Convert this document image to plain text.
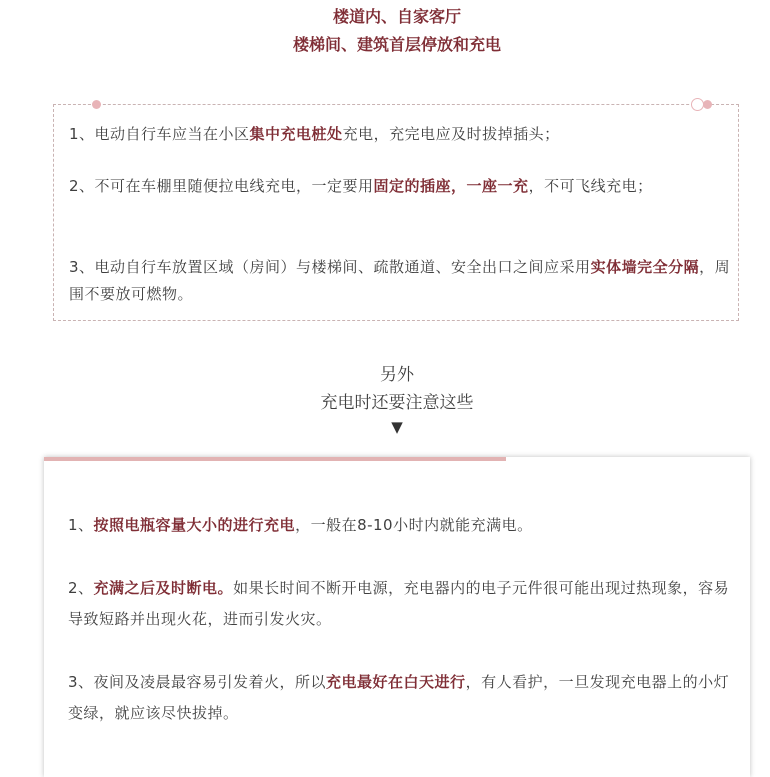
楼道内、自家客厅
楼梯间、建筑首层停放和充电

1、电动自行车应当在小区集中充电桩处充电，充完电应及时拔掉插头；

2、不可在车棚里随便拉电线充电，一定要用固定的插座，一座一充，不可飞线充电；

3、电动自行车放置区域（房间）与楼梯间、疏散通道、安全出口之间应采用实体墙完全分隔，周围不要放可燃物。

另外
充电时还要注意这些
▼

1、按照电瓶容量大小的进行充电，一般在8-10小时内就能充满电。

2、充满之后及时断电。如果长时间不断开电源，充电器内的电子元件很可能出现过热现象，容易导致短路并出现火花，进而引发火灾。

3、夜间及凌晨最容易引发着火，所以充电最好在白天进行，有人看护，一旦发现充电器上的小灯变绿，就应该尽快拔掉。
